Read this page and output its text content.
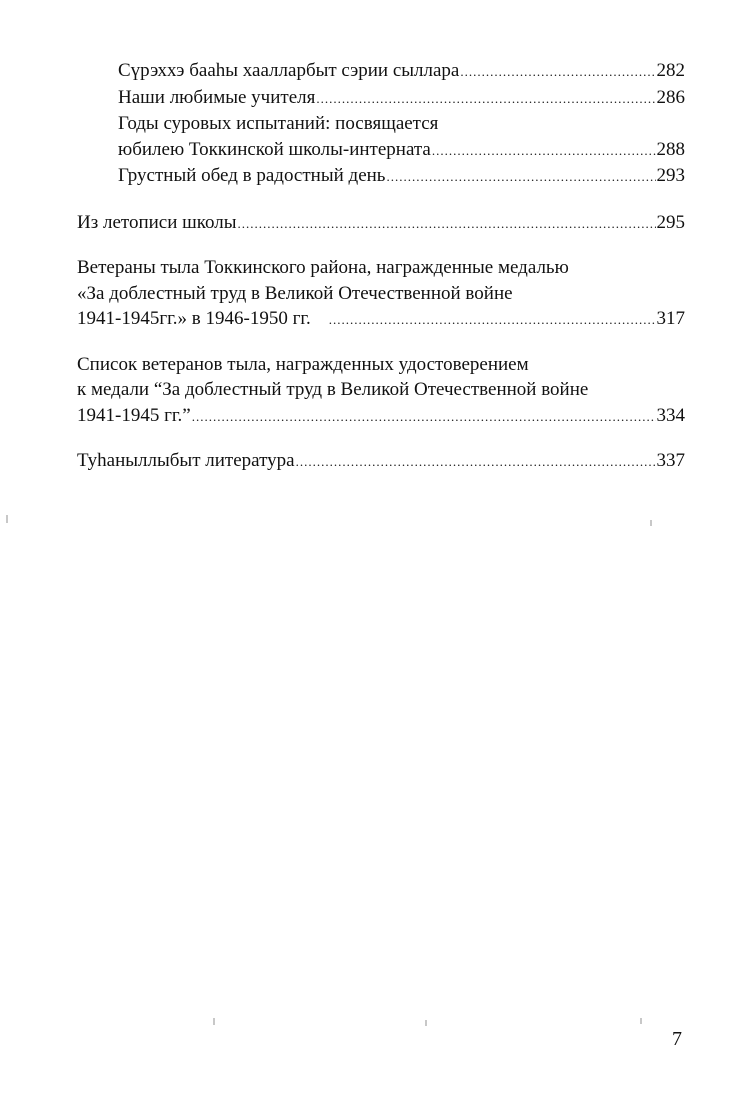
Сүрэххэ бааһы хаалларбыт сэрии сыллара .....	282
Наши любимые учителя .....	286
Годы суровых испытаний: посвящается
юбилею Токкинской школы-интерната .....	288
Грустный обед в радостный день .....	293
Из летописи школы .....	295
Ветераны тыла Токкинского района, награжденные медалью
«За доблестный труд в Великой Отечественной войне
1941-1945гг.» в 1946-1950 гг. .....	317
Список ветеранов тыла, награжденных удостоверением
к медали “За доблестный труд в Великой Отечественной войне
1941-1945 гг.” .....	334
Туһаныллыбыт литература .....	337
7
